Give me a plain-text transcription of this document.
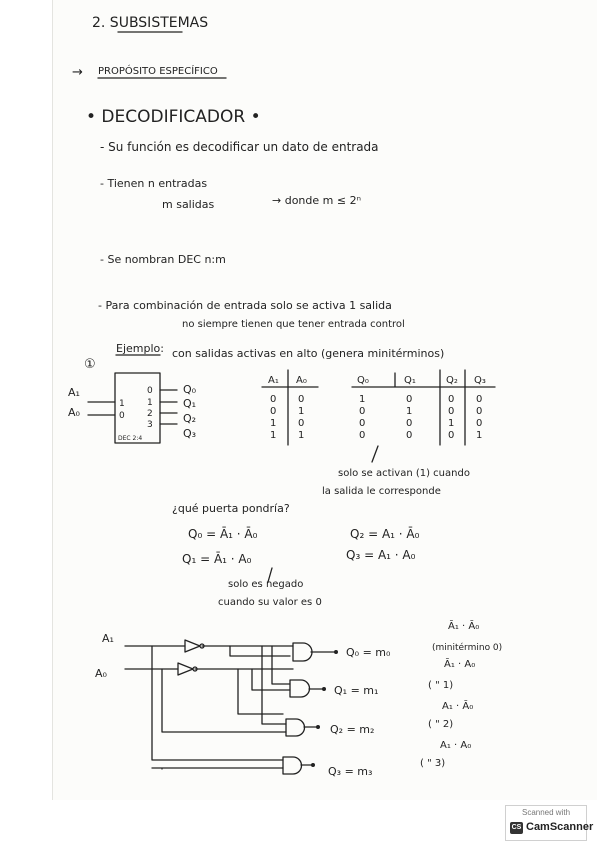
2. SUBSISTEMAS
→ PROPÓSITO ESPECÍFICO
• DECODIFICADOR •
- Su función es decodificar un dato de entrada
- Tienen n entradas
m salidas	→ donde m ≤ 2ⁿ
- Se nombran DEC n:m
- Para combinación de entrada solo se activa 1 salida
no siempre tienen que tener entrada control
①
Ejemplo: con salidas activas en alto (genera minitérminos)
A₁
A₀
1
0
0
1
2
3
DEC 2:4
Q₀
Q₁
Q₂
Q₃
A₁ A₀	Q₀	Q₁	Q₂ Q₃
0 0	1	0	0 0
0 1	0	1	0 0
1 0	0	0	1 0
1 1	0	0	0 1
solo se activan (1) cuando
la salida le corresponde
¿qué puerta pondría?
Q₀ = Ā₁ · Ā₀
Q₁ = Ā₁ · A₀
Q₂ = A₁ · Ā₀
Q₃ = A₁ · A₀
solo es negado
cuando su valor es 0
A₁
A₀
Q₀ = m₀
Q₁ = m₁
Q₂ = m₂
Q₃ = m₃
Ā₁ · Ā₀
(minitérmino 0)
Ā₁ · A₀
( " 1)
A₁ · Ā₀
( " 2)
A₁ · A₀
( " 3)
Scanned with
CS CamScanner
